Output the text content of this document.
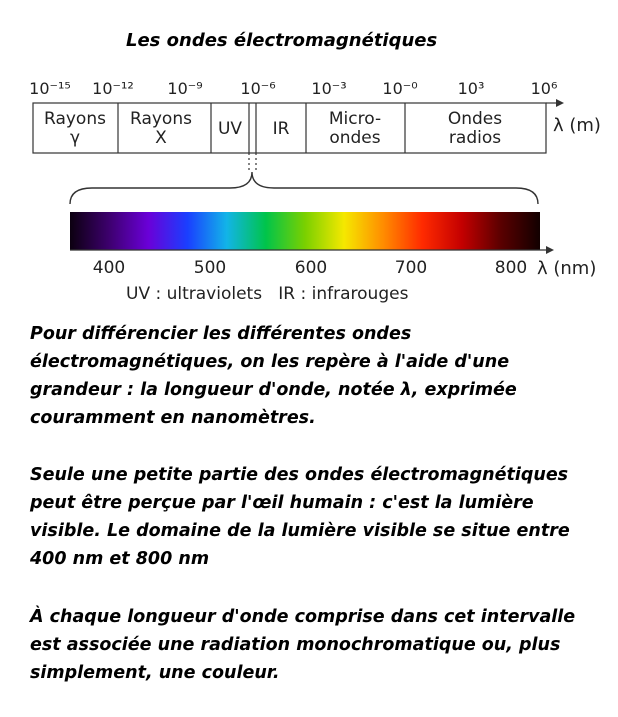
Les ondes électromagnétiques
10⁻¹⁵ 10⁻¹² 10⁻⁹ 10⁻⁶ 10⁻³ 10⁻⁰	10³	10⁶
λ (m)
Rayons
γ
Rayons
X	UV IR Micro-
ondes
Ondes
radios
400	500	600	700	800 λ (nm)
UV : ultraviolets   IR : infrarouges
Pour différencier les différentes ondes électromagnétiques, on les repère à l'aide d'une grandeur : la longueur d'onde, notée λ, exprimée couramment en nanomètres.
Seule une petite partie des ondes électromagnétiques peut être perçue par l'œil humain : c'est la lumière visible. Le domaine de la lumière visible se situe entre 400 nm et 800 nm
À chaque longueur d'onde comprise dans cet intervalle est associée une radiation monochromatique ou, plus simplement, une couleur.
